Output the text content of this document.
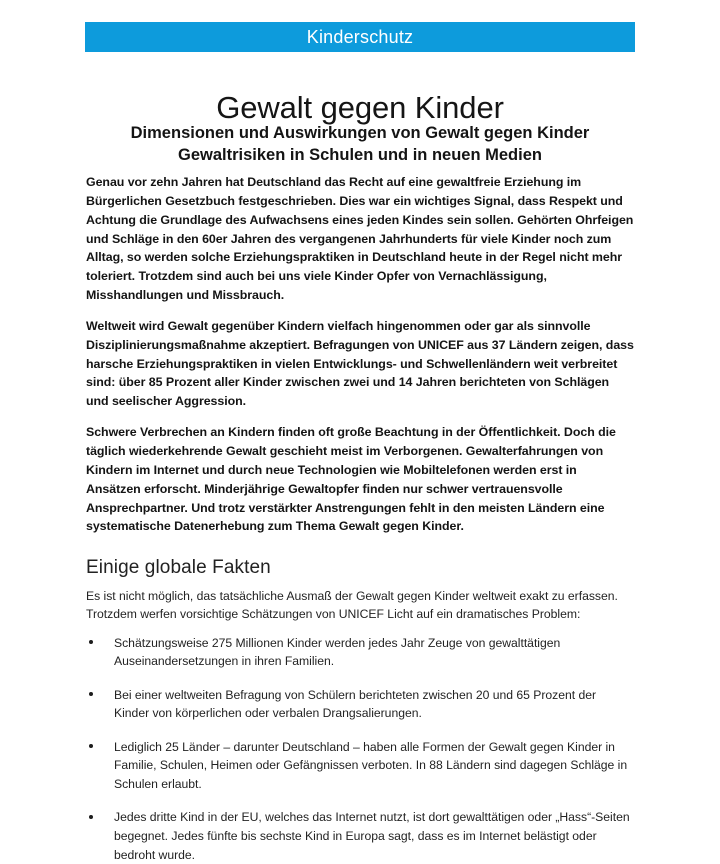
Kinderschutz
Gewalt gegen Kinder
Dimensionen und Auswirkungen von Gewalt gegen Kinder
Gewaltrisiken in Schulen und in neuen Medien

Genau vor zehn Jahren hat Deutschland das Recht auf eine gewaltfreie Erziehung im Bürgerlichen Gesetzbuch festgeschrieben. Dies war ein wichtiges Signal, dass Respekt und Achtung die Grundlage des Aufwachsens eines jeden Kindes sein sollen. Gehörten Ohrfeigen und Schläge in den 60er Jahren des vergangenen Jahrhunderts für viele Kinder noch zum Alltag, so werden solche Erziehungspraktiken in Deutschland heute in der Regel nicht mehr toleriert. Trotzdem sind auch bei uns viele Kinder Opfer von Vernachlässigung, Misshandlungen und Missbrauch.

Weltweit wird Gewalt gegenüber Kindern vielfach hingenommen oder gar als sinnvolle Disziplinierungsmaßnahme akzeptiert. Befragungen von UNICEF aus 37 Ländern zeigen, dass harsche Erziehungspraktiken in vielen Entwicklungs- und Schwellenländern weit verbreitet sind: über 85 Prozent aller Kinder zwischen zwei und 14 Jahren berichteten von Schlägen und seelischer Aggression.

Schwere Verbrechen an Kindern finden oft große Beachtung in der Öffentlichkeit. Doch die täglich wiederkehrende Gewalt geschieht meist im Verborgenen. Gewalterfahrungen von Kindern im Internet und durch neue Technologien wie Mobiltelefonen werden erst in Ansätzen erforscht. Minderjährige Gewaltopfer finden nur schwer vertrauensvolle Ansprechpartner. Und trotz verstärkter Anstrengungen fehlt in den meisten Ländern eine systematische Datenerhebung zum Thema Gewalt gegen Kinder.

Einige globale Fakten

Es ist nicht möglich, das tatsächliche Ausmaß der Gewalt gegen Kinder weltweit exakt zu erfassen. Trotzdem werfen vorsichtige Schätzungen von UNICEF Licht auf ein dramatisches Problem:

Schätzungsweise 275 Millionen Kinder werden jedes Jahr Zeuge von gewalttätigen Auseinandersetzungen in ihren Familien.
Bei einer weltweiten Befragung von Schülern berichteten zwischen 20 und 65 Prozent der Kinder von körperlichen oder verbalen Drangsalierungen.
Lediglich 25 Länder – darunter Deutschland – haben alle Formen der Gewalt gegen Kinder in Familie, Schulen, Heimen oder Gefängnissen verboten. In 88 Ländern sind dagegen Schläge in Schulen erlaubt.
Jedes dritte Kind in der EU, welches das Internet nutzt, ist dort gewalttätigen oder „Hass“-Seiten begegnet. Jedes fünfte bis sechste Kind in Europa sagt, dass es im Internet belästigt oder bedroht wurde.
